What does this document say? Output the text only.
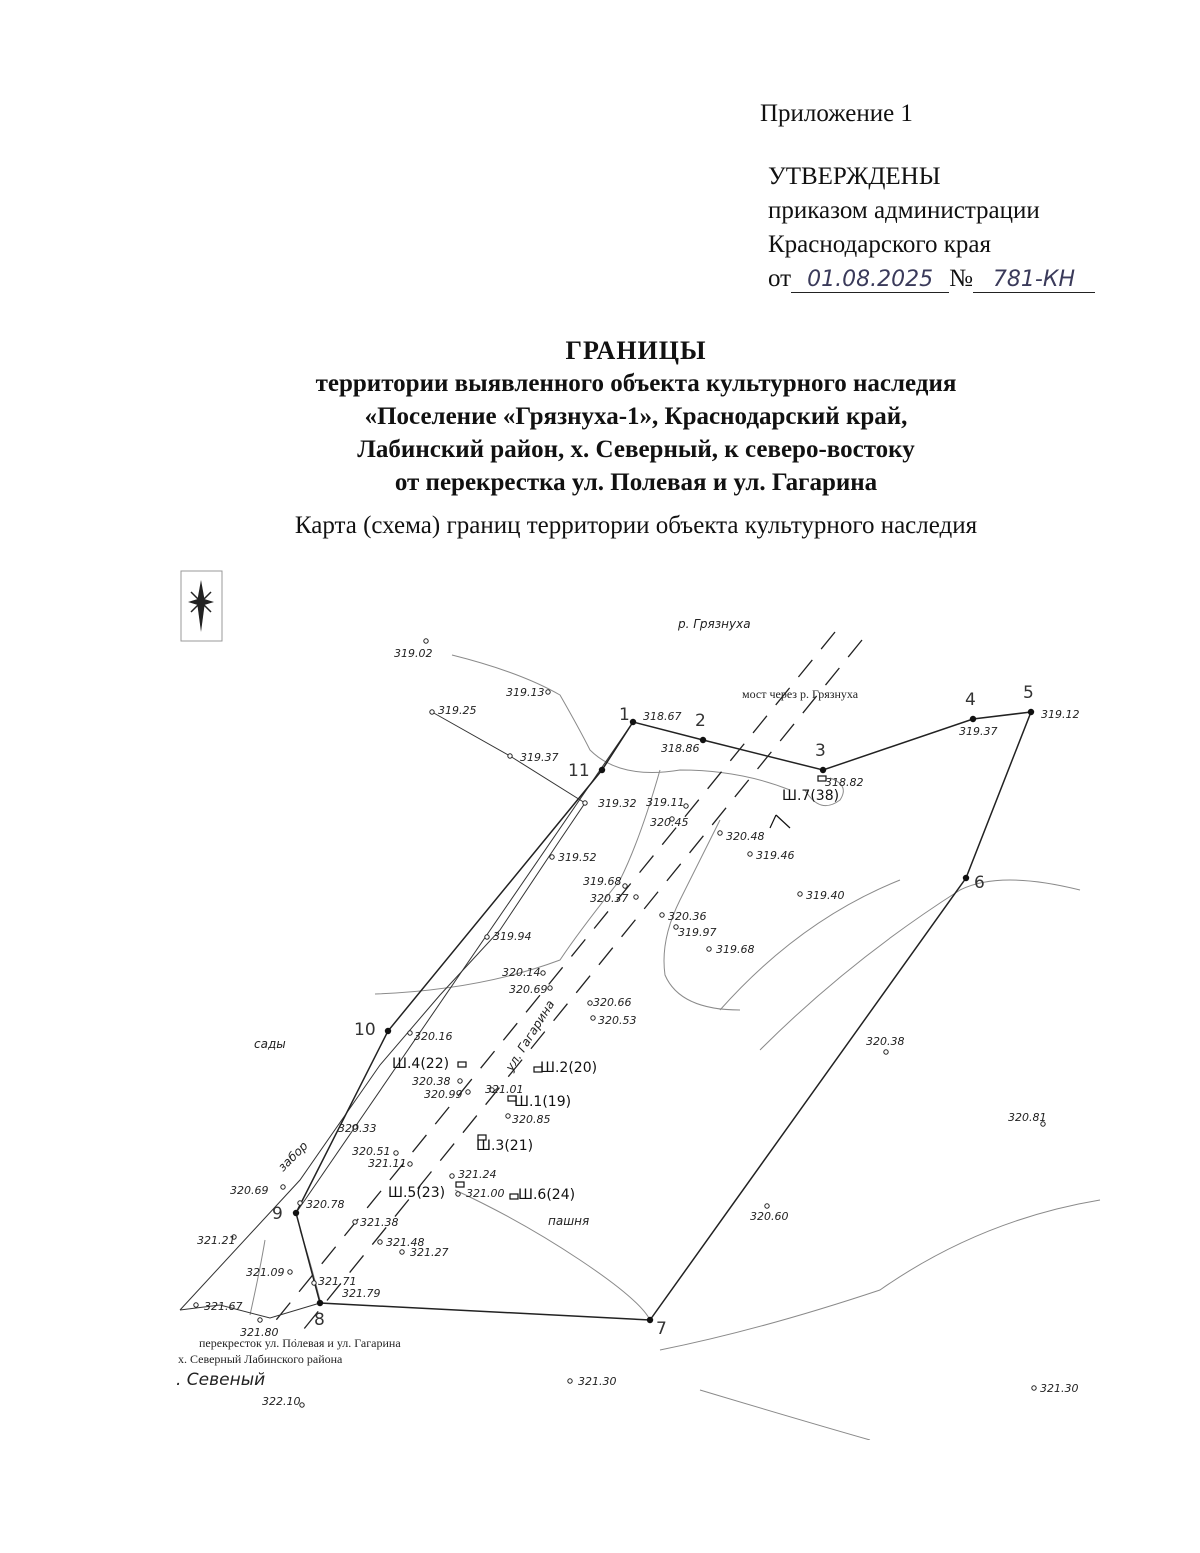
Приложение 1
УТВЕРЖДЕНЫ
приказом администрации
Краснодарского края
от 01.08.2025 № 781-КН
ГРАНИЦЫ
территории выявленного объекта культурного наследия
«Поселение «Грязнуха-1», Краснодарский край,
Лабинский район, х. Северный, к северо-востоку
от перекрестка ул. Полевая и ул. Гагарина
Карта (схема) границ территории объекта культурного наследия
1 318.67 2
318.86	3
318.82
4
319.37
5
319.12
6
7
8
321.79
9
10
11
Ш.7(38)
Ш.4(22)	Ш.2(20)
Ш.1(19)
Ш.3(21)
Ш.5(23)	Ш.6(24)
319.02
319.13
319.25
319.37
319.32 319.11
320.45
320.48
319.46
319.52
319.68
320.37	319.40
320.36
319.97
319.68
319.94
320.14
320.69
320.66
320.53
320.16	320.38
320.38
320.99 321.01
320.85	320.81
320.33
320.51
321.11
321.24
321.00
320.69
320.78
321.38	320.60
321.21	321.48
321.27
321.09
321.71
321.67
321.80
321.30
321.30
322.10
р. Грязнуха
мост через р. Грязнуха
ул. Гагарина
сады
забор
пашня
перекресток ул. Полевая и ул. Гагарина
х. Северный Лабинского района
. Севеный
